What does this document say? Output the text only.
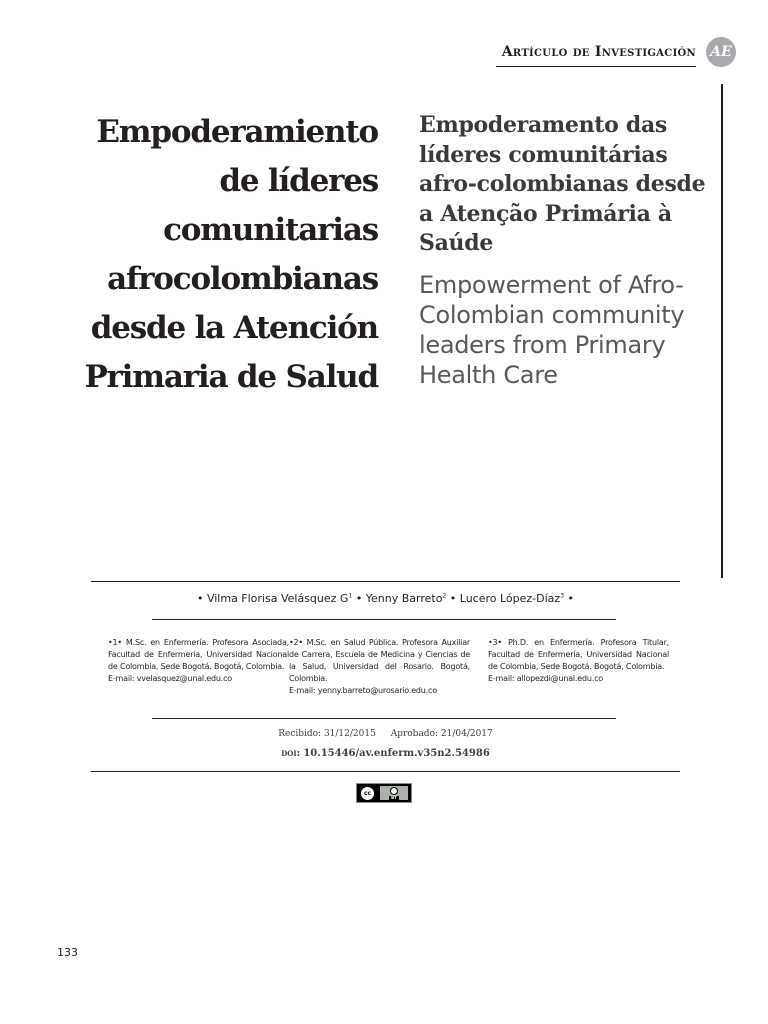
Artículo de Investigación	AE
Empoderamiento de líderes comunitarias afrocolombianas desde la Atención Primaria de Salud
Empoderamento das líderes comunitárias afro-colombianas desde a Atenção Primária à Saúde
Empowerment of Afro-Colombian community leaders from Primary Health Care
• Vilma Florisa Velásquez $G^1$ • Yenny Barreto$^2$ • Lucero López-Díaz$^3$ •
•1• M.Sc. en Enfermería. Profesora Asociada, Facultad de Enfermería, Universidad Nacional de Colombia, Sede Bogotá. Bogotá, Colombia.
E-mail: vvelasquez@unal.edu.co
•2• M.Sc. en Salud Pública. Profesora Auxiliar de Carrera, Escuela de Medicina y Ciencias de la Salud, Universidad del Rosario. Bogotá, Colombia.
E-mail: yenny.barreto@urosario.edu.co
•3• Ph.D. en Enfermería. Profesora Titular, Facultad de Enfermería, Universidad Nacional de Colombia, Sede Bogotá. Bogotá, Colombia.
E-mail: allopezdi@unal.edu.co
Recibido: 31/12/2015 Aprobado: 21/04/2017
doi: 10.15446/av.enferm.v35n2.54986
cc
BY
133
